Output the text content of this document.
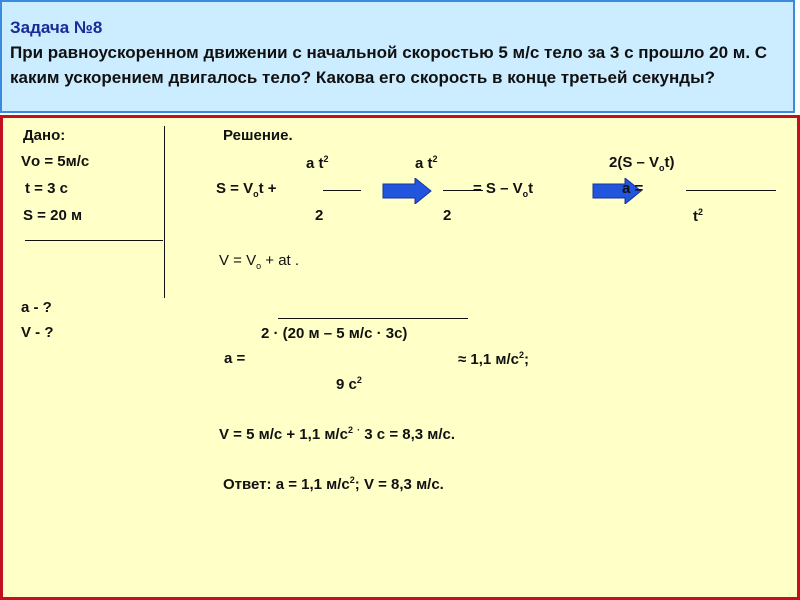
Задача №8
При равноускоренном движении с начальной скоростью 5 м/с тело за 3 с прошло 20 м. С каким ускорением двигалось тело? Какова его скорость в конце третьей секунды?
Дано:
Vо = 5м/с
t = 3 с
S = 20 м
a - ?
V - ?
Решение.
a $t^2$
$S = V_оt$ +
2
a $t^2$
= S – $V_оt$
2
$2(S - V_оt)$
a =
$t^2$
$V = V_о$ + at .
2 · (20 м – 5 м/с · 3с)
a =	≈ 1,1 $м/с^2$;
9 $с^2$
V = 5 м/с + 1,1 $м/с^2$ · 3 с = 8,3 м/с.
Ответ: a = 1,1 $м/с^2$; V = 8,3 м/с.
